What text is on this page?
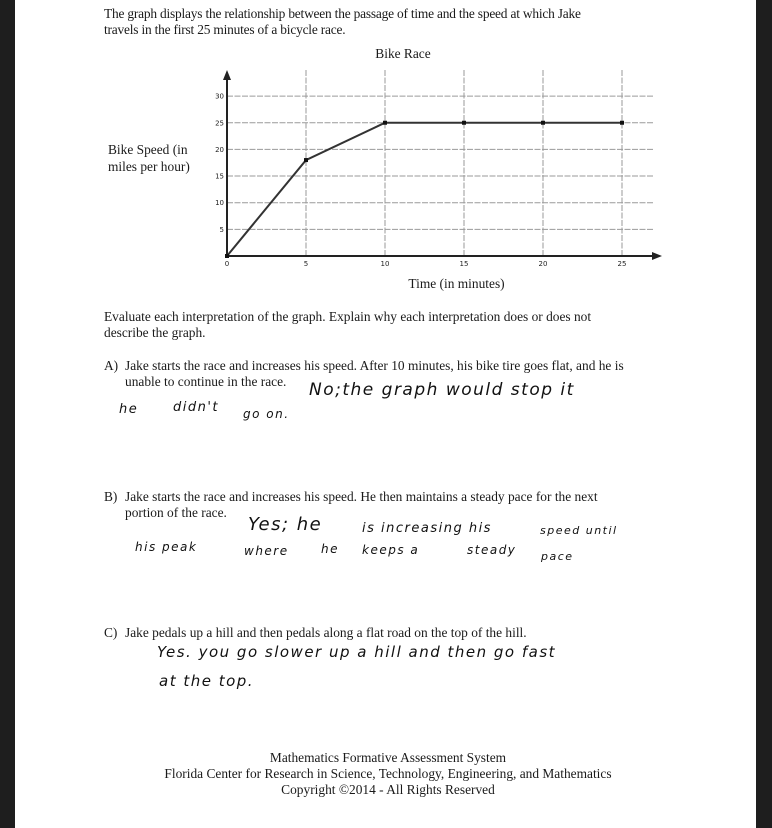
The graph displays the relationship between the passage of time and the speed at which Jake
travels in the first 25 minutes of a bicycle race.
Bike Race
Bike Speed (in
miles per hour)
0	5	10	15	20	25
5
10
15
20
25
30
Time (in minutes)
Evaluate each interpretation of the graph. Explain why each interpretation does or does not
describe the graph.
A) Jake starts the race and increases his speed. After 10 minutes, his bike tire goes flat, and he is
unable to continue in the race.	No;the graph would stop it
he	didn't go on.
B) Jake starts the race and increases his speed. He then maintains a steady pace for the next
portion of the race.
Yes; he	is increasing his	speed until
his peak	where	he keeps a	steady pace
C) Jake pedals up a hill and then pedals along a flat road on the top of the hill.
Yes. you go slower up a hill and then go fast
at the top.
Mathematics Formative Assessment System
Florida Center for Research in Science, Technology, Engineering, and Mathematics
Copyright ©2014 - All Rights Reserved
